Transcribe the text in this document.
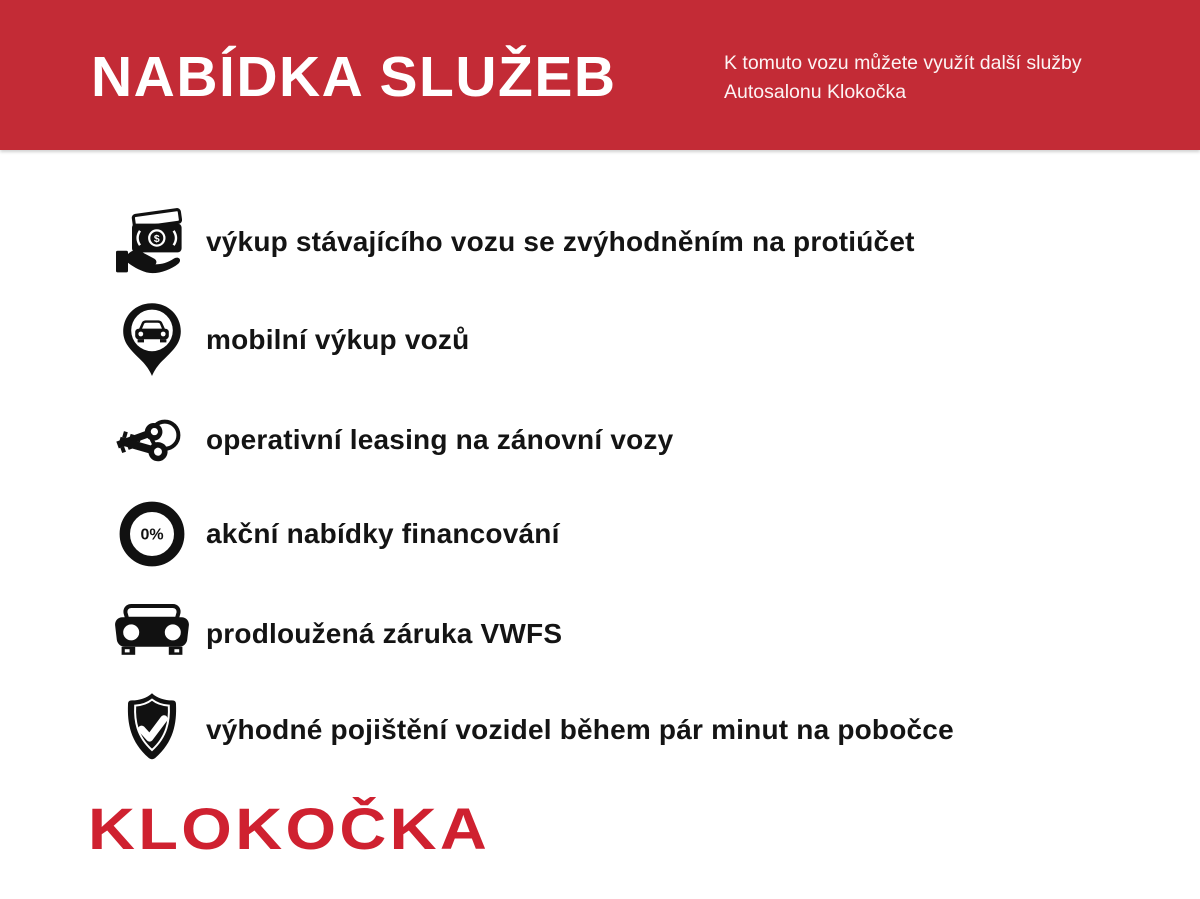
NABÍDKA SLUŽEB	K tomuto vozu můžete využít další služby
Autosalonu Klokočka
$ výkup stávajícího vozu se zvýhodněním na protiúčet
mobilní výkup vozů
operativní leasing na zánovní vozy
0% akční nabídky financování
prodloužená záruka VWFS
výhodné pojištění vozidel během pár minut na pobočce
KLOKOČKA
